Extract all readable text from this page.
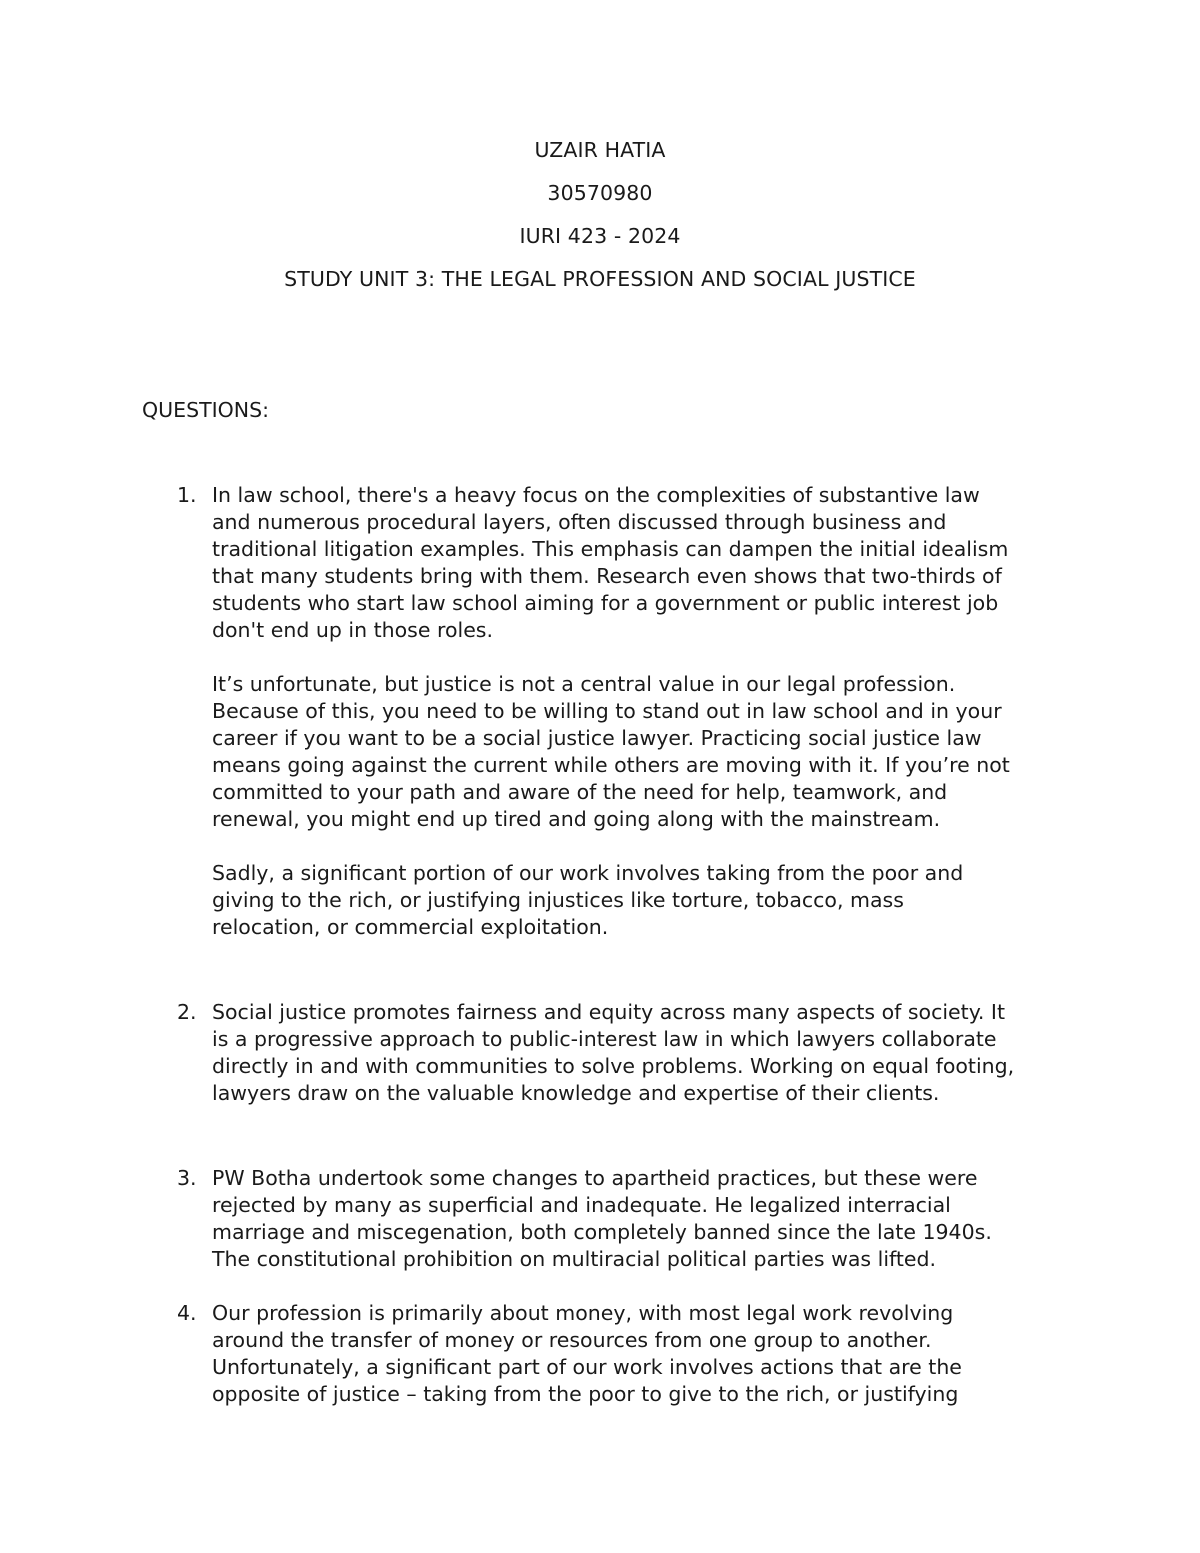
UZAIR HATIA

30570980

IURI 423 - 2024

STUDY UNIT 3: THE LEGAL PROFESSION AND SOCIAL JUSTICE

QUESTIONS:

1. In law school, there's a heavy focus on the complexities of substantive law
and numerous procedural layers, often discussed through business and
traditional litigation examples. This emphasis can dampen the initial idealism
that many students bring with them. Research even shows that two-thirds of
students who start law school aiming for a government or public interest job
don't end up in those roles.

It’s unfortunate, but justice is not a central value in our legal profession.
Because of this, you need to be willing to stand out in law school and in your
career if you want to be a social justice lawyer. Practicing social justice law
means going against the current while others are moving with it. If you’re not
committed to your path and aware of the need for help, teamwork, and
renewal, you might end up tired and going along with the mainstream.

Sadly, a significant portion of our work involves taking from the poor and
giving to the rich, or justifying injustices like torture, tobacco, mass
relocation, or commercial exploitation.

2. Social justice promotes fairness and equity across many aspects of society. It
is a progressive approach to public-interest law in which lawyers collaborate
directly in and with communities to solve problems. Working on equal footing,
lawyers draw on the valuable knowledge and expertise of their clients.

3. PW Botha undertook some changes to apartheid practices, but these were
rejected by many as superficial and inadequate. He legalized interracial
marriage and miscegenation, both completely banned since the late 1940s.
The constitutional prohibition on multiracial political parties was lifted.

4. Our profession is primarily about money, with most legal work revolving
around the transfer of money or resources from one group to another.
Unfortunately, a significant part of our work involves actions that are the
opposite of justice – taking from the poor to give to the rich, or justifying
